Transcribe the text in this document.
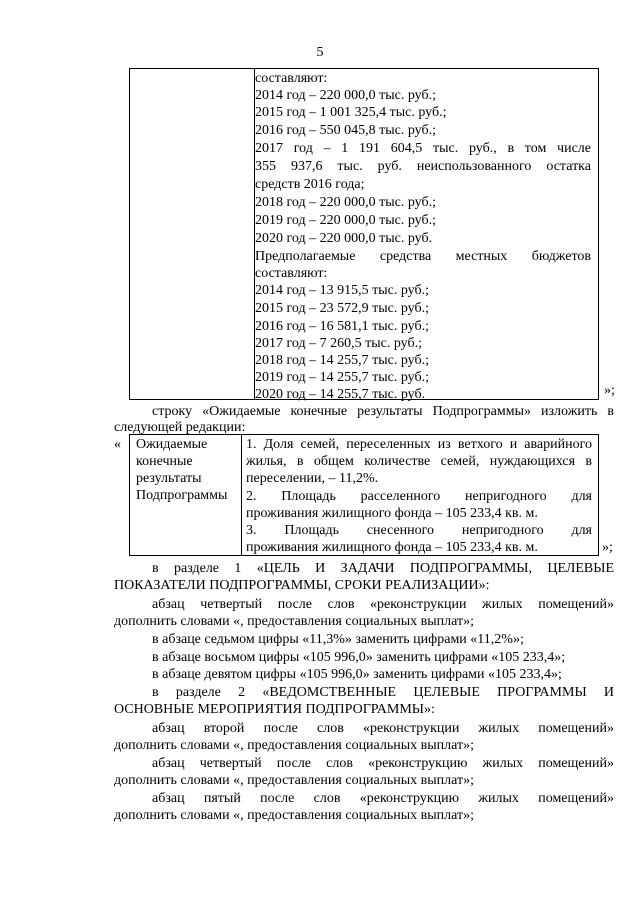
5
составляют:
2014 год – 220 000,0 тыс. руб.;
2015 год – 1 001 325,4 тыс. руб.;
2016 год – 550 045,8 тыс. руб.;
2017 год – 1 191 604,5 тыс. руб., в том числе
355 937,6 тыс. руб. неиспользованного остатка
средств 2016 года;
2018 год – 220 000,0 тыс. руб.;
2019 год – 220 000,0 тыс. руб.;
2020 год – 220 000,0 тыс. руб.
Предполагаемые средства местных бюджетов
составляют:
2014 год – 13 915,5 тыс. руб.;
2015 год – 23 572,9 тыс. руб.;
2016 год – 16 581,1 тыс. руб.;
2017 год – 7 260,5 тыс. руб.;
2018 год – 14 255,7 тыс. руб.;
2019 год – 14 255,7 тыс. руб.;
2020 год – 14 255,7 тыс. руб.	»;
строку «Ожидаемые конечные результаты Подпрограммы» изложить в
следующей редакции:
« Ожидаемые
конечные
результаты
Подпрограммы
1. Доля семей, переселенных из ветхого и аварийного
жилья, в общем количестве семей, нуждающихся в
переселении, – 11,2%.
2. Площадь расселенного непригодного для
проживания жилищного фонда – 105 233,4 кв. м.
3. Площадь снесенного непригодного для
проживания жилищного фонда – 105 233,4 кв. м.	»;
в разделе 1 «ЦЕЛЬ И ЗАДАЧИ ПОДПРОГРАММЫ, ЦЕЛЕВЫЕ
ПОКАЗАТЕЛИ ПОДПРОГРАММЫ, СРОКИ РЕАЛИЗАЦИИ»:
абзац четвертый после слов «реконструкции жилых помещений»
дополнить словами «, предоставления социальных выплат»;
в абзаце седьмом цифры «11,3%» заменить цифрами «11,2%»;
в абзаце восьмом цифры «105 996,0» заменить цифрами «105 233,4»;
в абзаце девятом цифры «105 996,0» заменить цифрами «105 233,4»;
в разделе 2 «ВЕДОМСТВЕННЫЕ ЦЕЛЕВЫЕ ПРОГРАММЫ И
ОСНОВНЫЕ МЕРОПРИЯТИЯ ПОДПРОГРАММЫ»:
абзац второй после слов «реконструкции жилых помещений»
дополнить словами «, предоставления социальных выплат»;
абзац четвертый после слов «реконструкцию жилых помещений»
дополнить словами «, предоставления социальных выплат»;
абзац пятый после слов «реконструкцию жилых помещений»
дополнить словами «, предоставления социальных выплат»;
